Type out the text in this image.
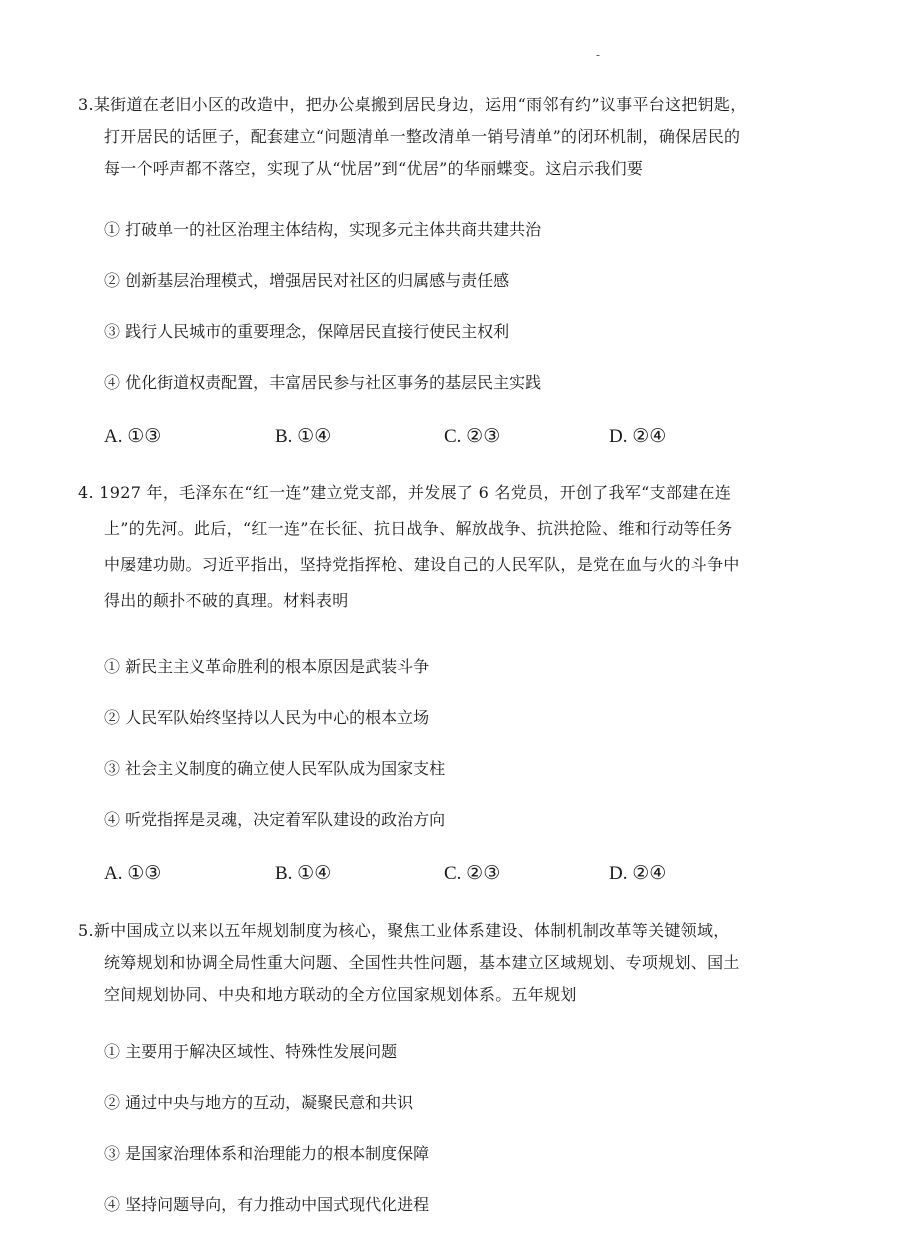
-
3.某街道在老旧小区的改造中，把办公桌搬到居民身边，运用“雨邻有约”议事平台这把钥匙，
打开居民的话匣子，配套建立“问题清单一整改清单一销号清单”的闭环机制，确保居民的
每一个呼声都不落空，实现了从“忧居”到“优居”的华丽蝶变。这启示我们要
① 打破单一的社区治理主体结构，实现多元主体共商共建共治
② 创新基层治理模式，增强居民对社区的归属感与责任感
③ 践行人民城市的重要理念，保障居民直接行使民主权利
④ 优化街道权责配置，丰富居民参与社区事务的基层民主实践
A. ①③	B. ①④	C. ②③	D. ②④
4. 1927 年，毛泽东在“红一连”建立党支部，并发展了 6 名党员，开创了我军“支部建在连
上”的先河。此后，“红一连”在长征、抗日战争、解放战争、抗洪抢险、维和行动等任务
中屡建功勋。习近平指出，坚持党指挥枪、建设自己的人民军队，是党在血与火的斗争中
得出的颠扑不破的真理。材料表明
① 新民主主义革命胜利的根本原因是武装斗争
② 人民军队始终坚持以人民为中心的根本立场
③ 社会主义制度的确立使人民军队成为国家支柱
④ 听党指挥是灵魂，决定着军队建设的政治方向
A. ①③	B. ①④	C. ②③	D. ②④
5.新中国成立以来以五年规划制度为核心，聚焦工业体系建设、体制机制改革等关键领域，
统筹规划和协调全局性重大问题、全国性共性问题，基本建立区域规划、专项规划、国土
空间规划协同、中央和地方联动的全方位国家规划体系。五年规划
① 主要用于解决区域性、特殊性发展问题
② 通过中央与地方的互动，凝聚民意和共识
③ 是国家治理体系和治理能力的根本制度保障
④ 坚持问题导向，有力推动中国式现代化进程
